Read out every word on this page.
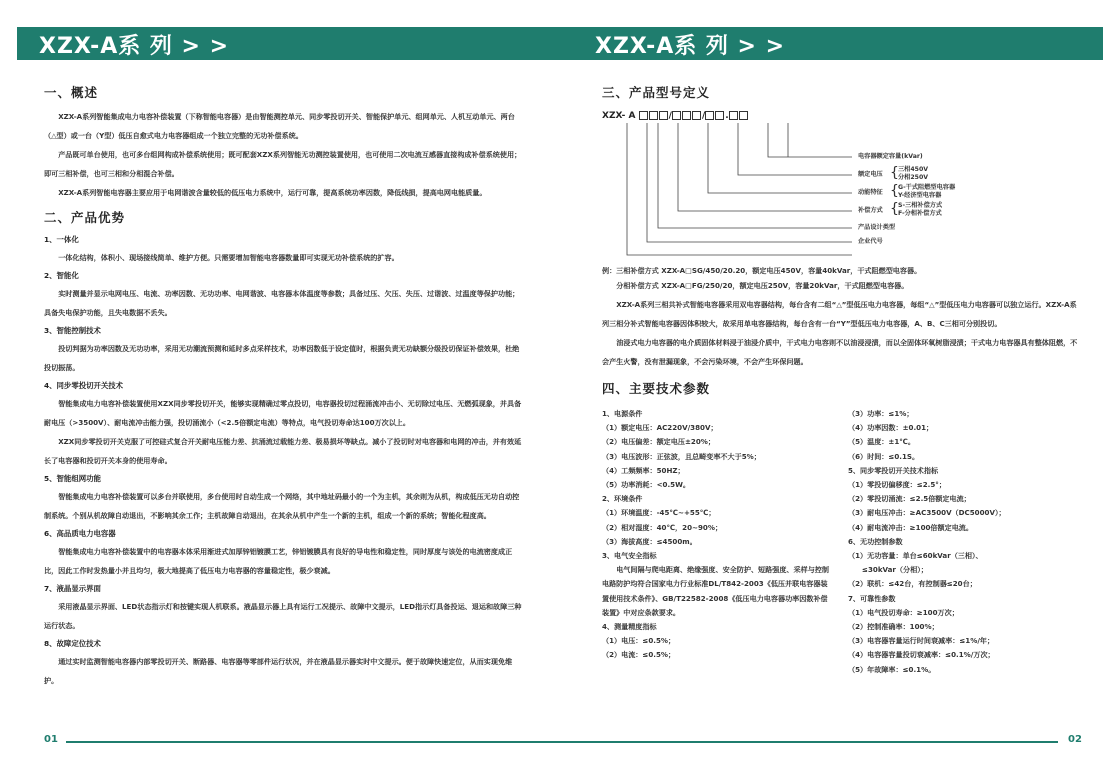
XZX-A系 列 > >
一、概述

XZX-A系列智能集成电力电容补偿装置（下称智能电容器）是由智能测控单元、同步零投切开关、智能保护单元、组网单元、人机互动单元、两台（△型）或一台（Y型）低压自愈式电力电容器组成一个独立完整的无功补偿系统。

产品既可单台使用，也可多台组网构成补偿系统使用；既可配套XZX系列智能无功测控装置使用，也可使用二次电流互感器直接构成补偿系统使用；即可三相补偿，也可三相和分相混合补偿。

XZX-A系列智能电容器主要应用于电网谐波含量较低的低压电力系统中，运行可靠，提高系统功率因数，降低线损，提高电网电能质量。

二、产品优势

1、一体化

一体化结构，体积小、现场接线简单、维护方便。只需要增加智能电容器数量即可实现无功补偿系统的扩容。

2、智能化

实时测量并显示电网电压、电流、功率因数、无功功率、电网谐波、电容器本体温度等参数；具备过压、欠压、失压、过谐波、过温度等保护功能；具备失电保护功能，且失电数据不丢失。

3、智能控制技术

投切判据为功率因数及无功功率，采用无功潮流预测和延时多点采样技术，功率因数低于设定值时，根据负责无功缺额分级投切保证补偿效果，杜绝投切振荡。

4、同步零投切开关技术

智能集成电力电容补偿装置使用XZX同步零投切开关，能够实现精确过零点投切，电容器投切过程涌流冲击小、无切除过电压、无燃弧现象，并具备耐电压（>3500V）、耐电流冲击能力强，投切涌流小（<2.5倍额定电流）等特点，电气投切寿命达100万次以上。

XZX同步零投切开关克服了可控硅式复合开关耐电压能力差、抗涌流过载能力差、极易损坏等缺点。减小了投切时对电容器和电网的冲击，并有效延长了电容器和投切开关本身的使用寿命。

5、智能组网功能

智能集成电力电容补偿装置可以多台并联使用，多台使用时自动生成一个网络，其中地址码最小的一个为主机，其余则为从机，构成低压无功自动控制系统。个别从机故障自动退出，不影响其余工作；主机故障自动退出，在其余从机中产生一个新的主机，组成一个新的系统；智能化程度高。

6、高品质电力电容器

智能集成电力电容补偿装置中的电容器本体采用渐进式加厚锌铝镀膜工艺，锌铝镀膜具有良好的导电性和稳定性，同时厚度与该处的电流密度成正比，因此工作时发热量小并且均匀，极大地提高了低压电力电容器的容量稳定性，极少衰减。

7、液晶显示界面

采用液晶显示界面、LED状态指示灯和按键实现人机联系。液晶显示器上具有运行工况提示、故障中文提示，LED指示灯具备投运、退运和故障三种运行状态。

8、故障定位技术

通过实时监测智能电容器内部零投切开关、断路器、电容器等零部件运行状况，并在液晶显示器实时中文提示。便于故障快速定位，从而实现免维护。

01
XZX-A系 列 > >
三、产品型号定义
XZX- A	/	/ .
电容器额定容量(kVar)
额定电压 { 三相450V
分相250V
动能特征 { G-干式阻燃型电容器
Y-经济型电容器
补偿方式 { S-三相补偿方式
F-分相补偿方式
产品设计类型
企业代号

例：三相补偿方式 XZX-A□SG/450/20.20，额定电压450V，容量40kVar，干式阻燃型电容器。

分相补偿方式 XZX-A□FG/250/20，额定电压250V，容量20kVar，干式阻燃型电容器。

XZX-A系列三相共补式智能电容器采用双电容器结构，每台含有二组“△”型低压电力电容器，每组“△”型低压电力电容器可以独立运行。XZX-A系列三相分补式智能电容器因体积较大，故采用单电容器结构，每台含有一台“Y”型低压电力电容器，A、B、C三相可分别投切。

油浸式电力电容器的电介质固体材料浸于油浸介质中，干式电力电容则不以油浸浸渍，而以全固体环氧树脂浸渍；干式电力电容器具有整体阻燃，不会产生火警，没有泄漏现象，不会污染环境，不会产生环保问题。

四、主要技术参数

1、电源条件

（1）额定电压：AC220V/380V；

（2）电压偏差：额定电压±20%；

（3）电压波形：正弦波，且总畸变率不大于5%；

（4）工频频率：50HZ；

（5）功率消耗：<0.5W。

2、环境条件

（1）环境温度：-45℃~+55℃；

（2）相对湿度：40℃，20~90%；

（3）海拔高度：≤4500m。

3、电气安全指标

电气间隔与爬电距离、绝缘强度、安全防护、短路强度、采样与控制电路防护均符合国家电力行业标准DL/T842-2003《低压并联电容器装置使用技术条件》、GB/T22582-2008《低压电力电容器功率因数补偿装置》中对应条款要求。

4、测量精度指标

（1）电压：≤0.5%；

（2）电流：≤0.5%；

（3）功率：≤1%；

（4）功率因数：±0.01；

（5）温度：±1℃。

（6）时间：≤0.1S。

5、同步零投切开关技术指标

（1）零投切偏移度：≤2.5°；

（2）零投切涌流：≤2.5倍额定电流；

（3）耐电压冲击：≥AC3500V（DC5000V）；

（4）耐电流冲击：≥100倍额定电流。

6、无功控制参数

（1）无功容量：单台≤60kVar（三相）、

≤30kVar（分相）；

（2）联机：≤42台，有控制器≤20台；

7、可靠性参数

（1）电气投切寿命：≥100万次；

（2）控制准确率：100%；

（3）电容器容量运行时间衰减率：≤1%/年；

（4）电容器容量投切衰减率：≤0.1%/万次；

（5）年故障率：≤0.1%。

02
